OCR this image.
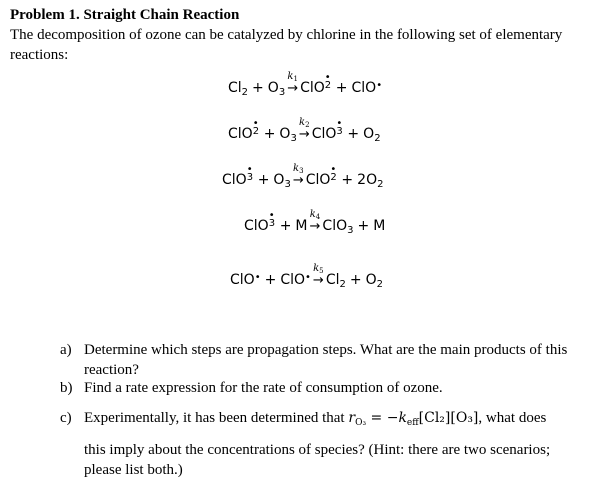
Problem 1. Straight Chain Reaction
The decomposition of ozone can be catalyzed by chlorine in the following set of elementary reactions:
$Cl_2 + O_3$
$k_1$
→ ClO
•
2 + ClO•
ClO
•
$2 + O_3$
$k_2$
→ ClO
•
$3 + O_2$
ClO
•
$3 + O_3$
$k_3$
→ ClO
•
$2 + 2O_2$
ClO
•
3 + M
$k_4$
→ ClO$_3$ + M
ClO• + ClO•
$k_5$
→ $Cl_2 + O_2$
a) Determine which steps are propagation steps. What are the main products of this reaction?
b) Find a rate expression for the rate of consumption of ozone.
c) Experimentally, it has been determined that $r_{O_3} = -k_{eff}[Cl_2][O_3]$, what does
this imply about the concentrations of species? (Hint: there are two scenarios; please list both.)
